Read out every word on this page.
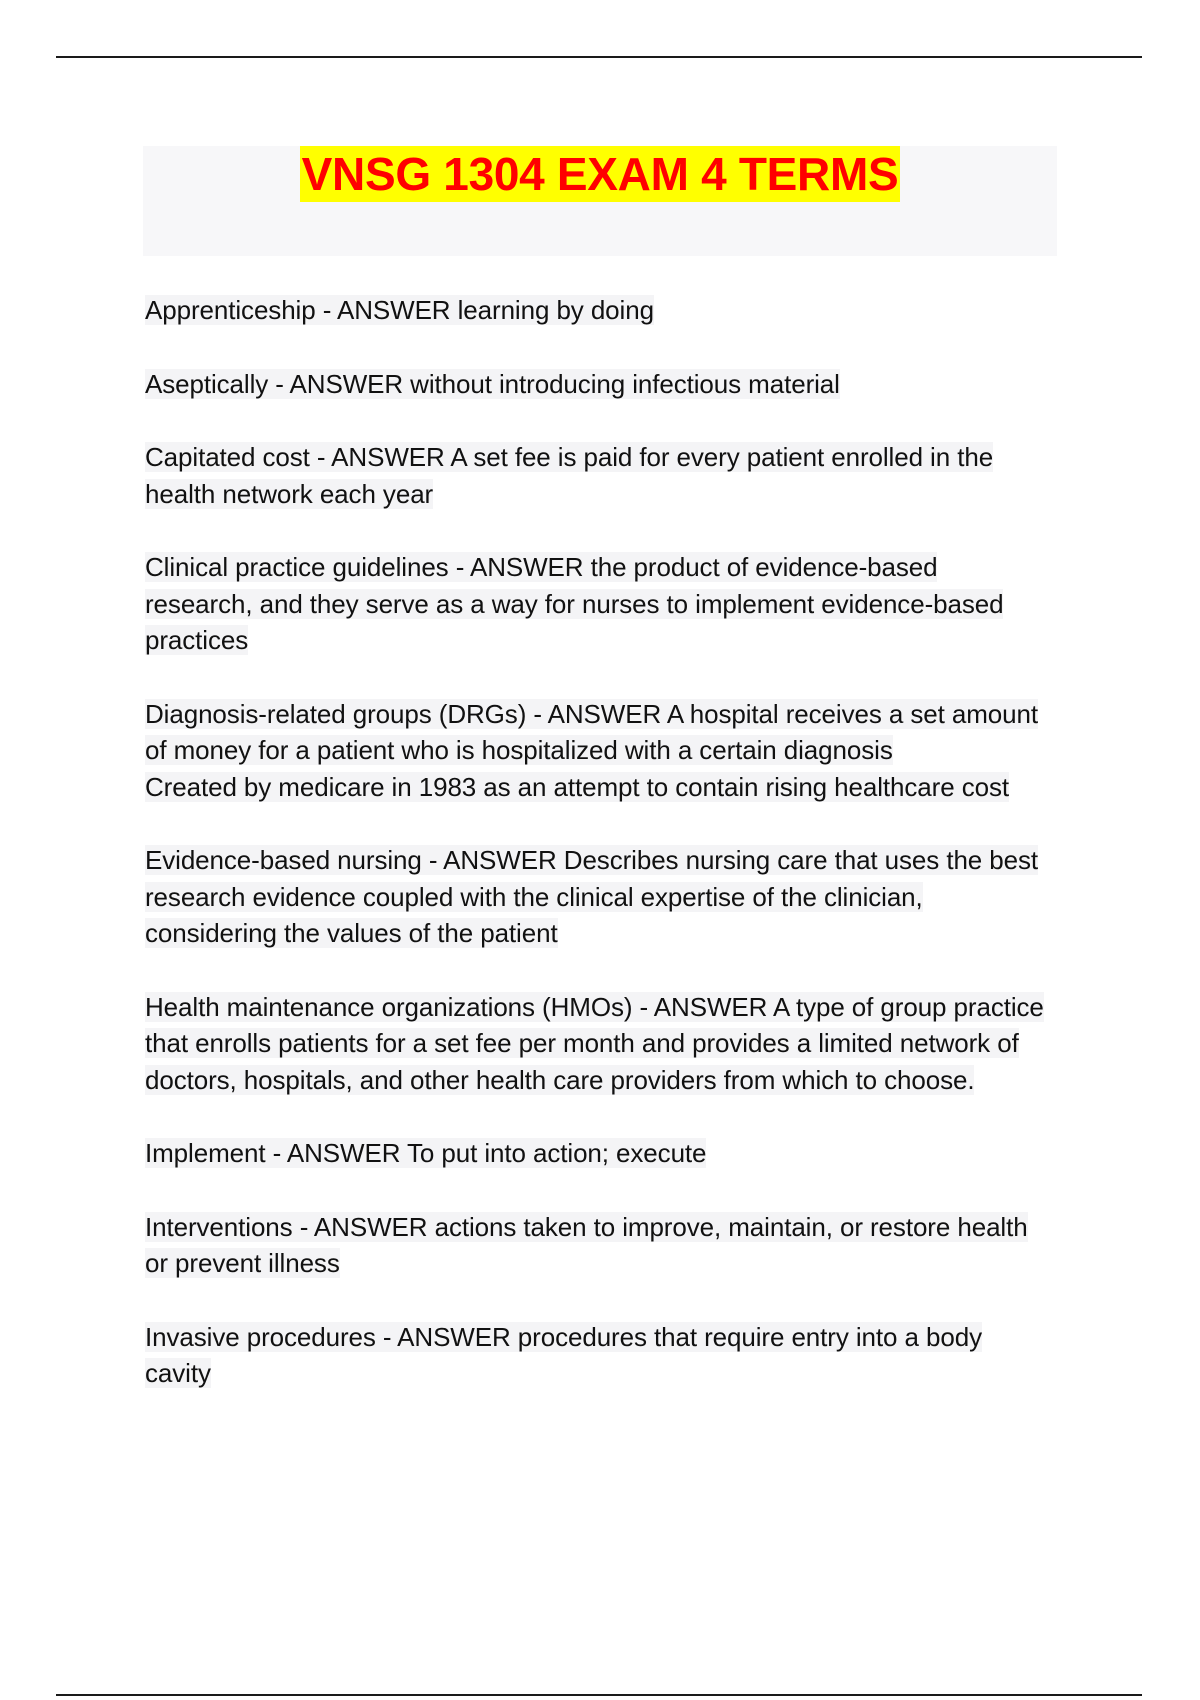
VNSG 1304 EXAM 4 TERMS

Apprenticeship - ANSWER learning by doing

Aseptically - ANSWER without introducing infectious material

Capitated cost - ANSWER A set fee is paid for every patient enrolled in the health network each year

Clinical practice guidelines - ANSWER the product of evidence-based research, and they serve as a way for nurses to implement evidence-based practices

Diagnosis-related groups (DRGs) - ANSWER A hospital receives a set amount of money for a patient who is hospitalized with a certain diagnosis

Created by medicare in 1983 as an attempt to contain rising healthcare cost

Evidence-based nursing - ANSWER Describes nursing care that uses the best research evidence coupled with the clinical expertise of the clinician, considering the values of the patient

Health maintenance organizations (HMOs) - ANSWER A type of group practice that enrolls patients for a set fee per month and provides a limited network of doctors, hospitals, and other health care providers from which to choose.

Implement - ANSWER To put into action; execute

Interventions - ANSWER actions taken to improve, maintain, or restore health or prevent illness

Invasive procedures - ANSWER procedures that require entry into a body cavity
